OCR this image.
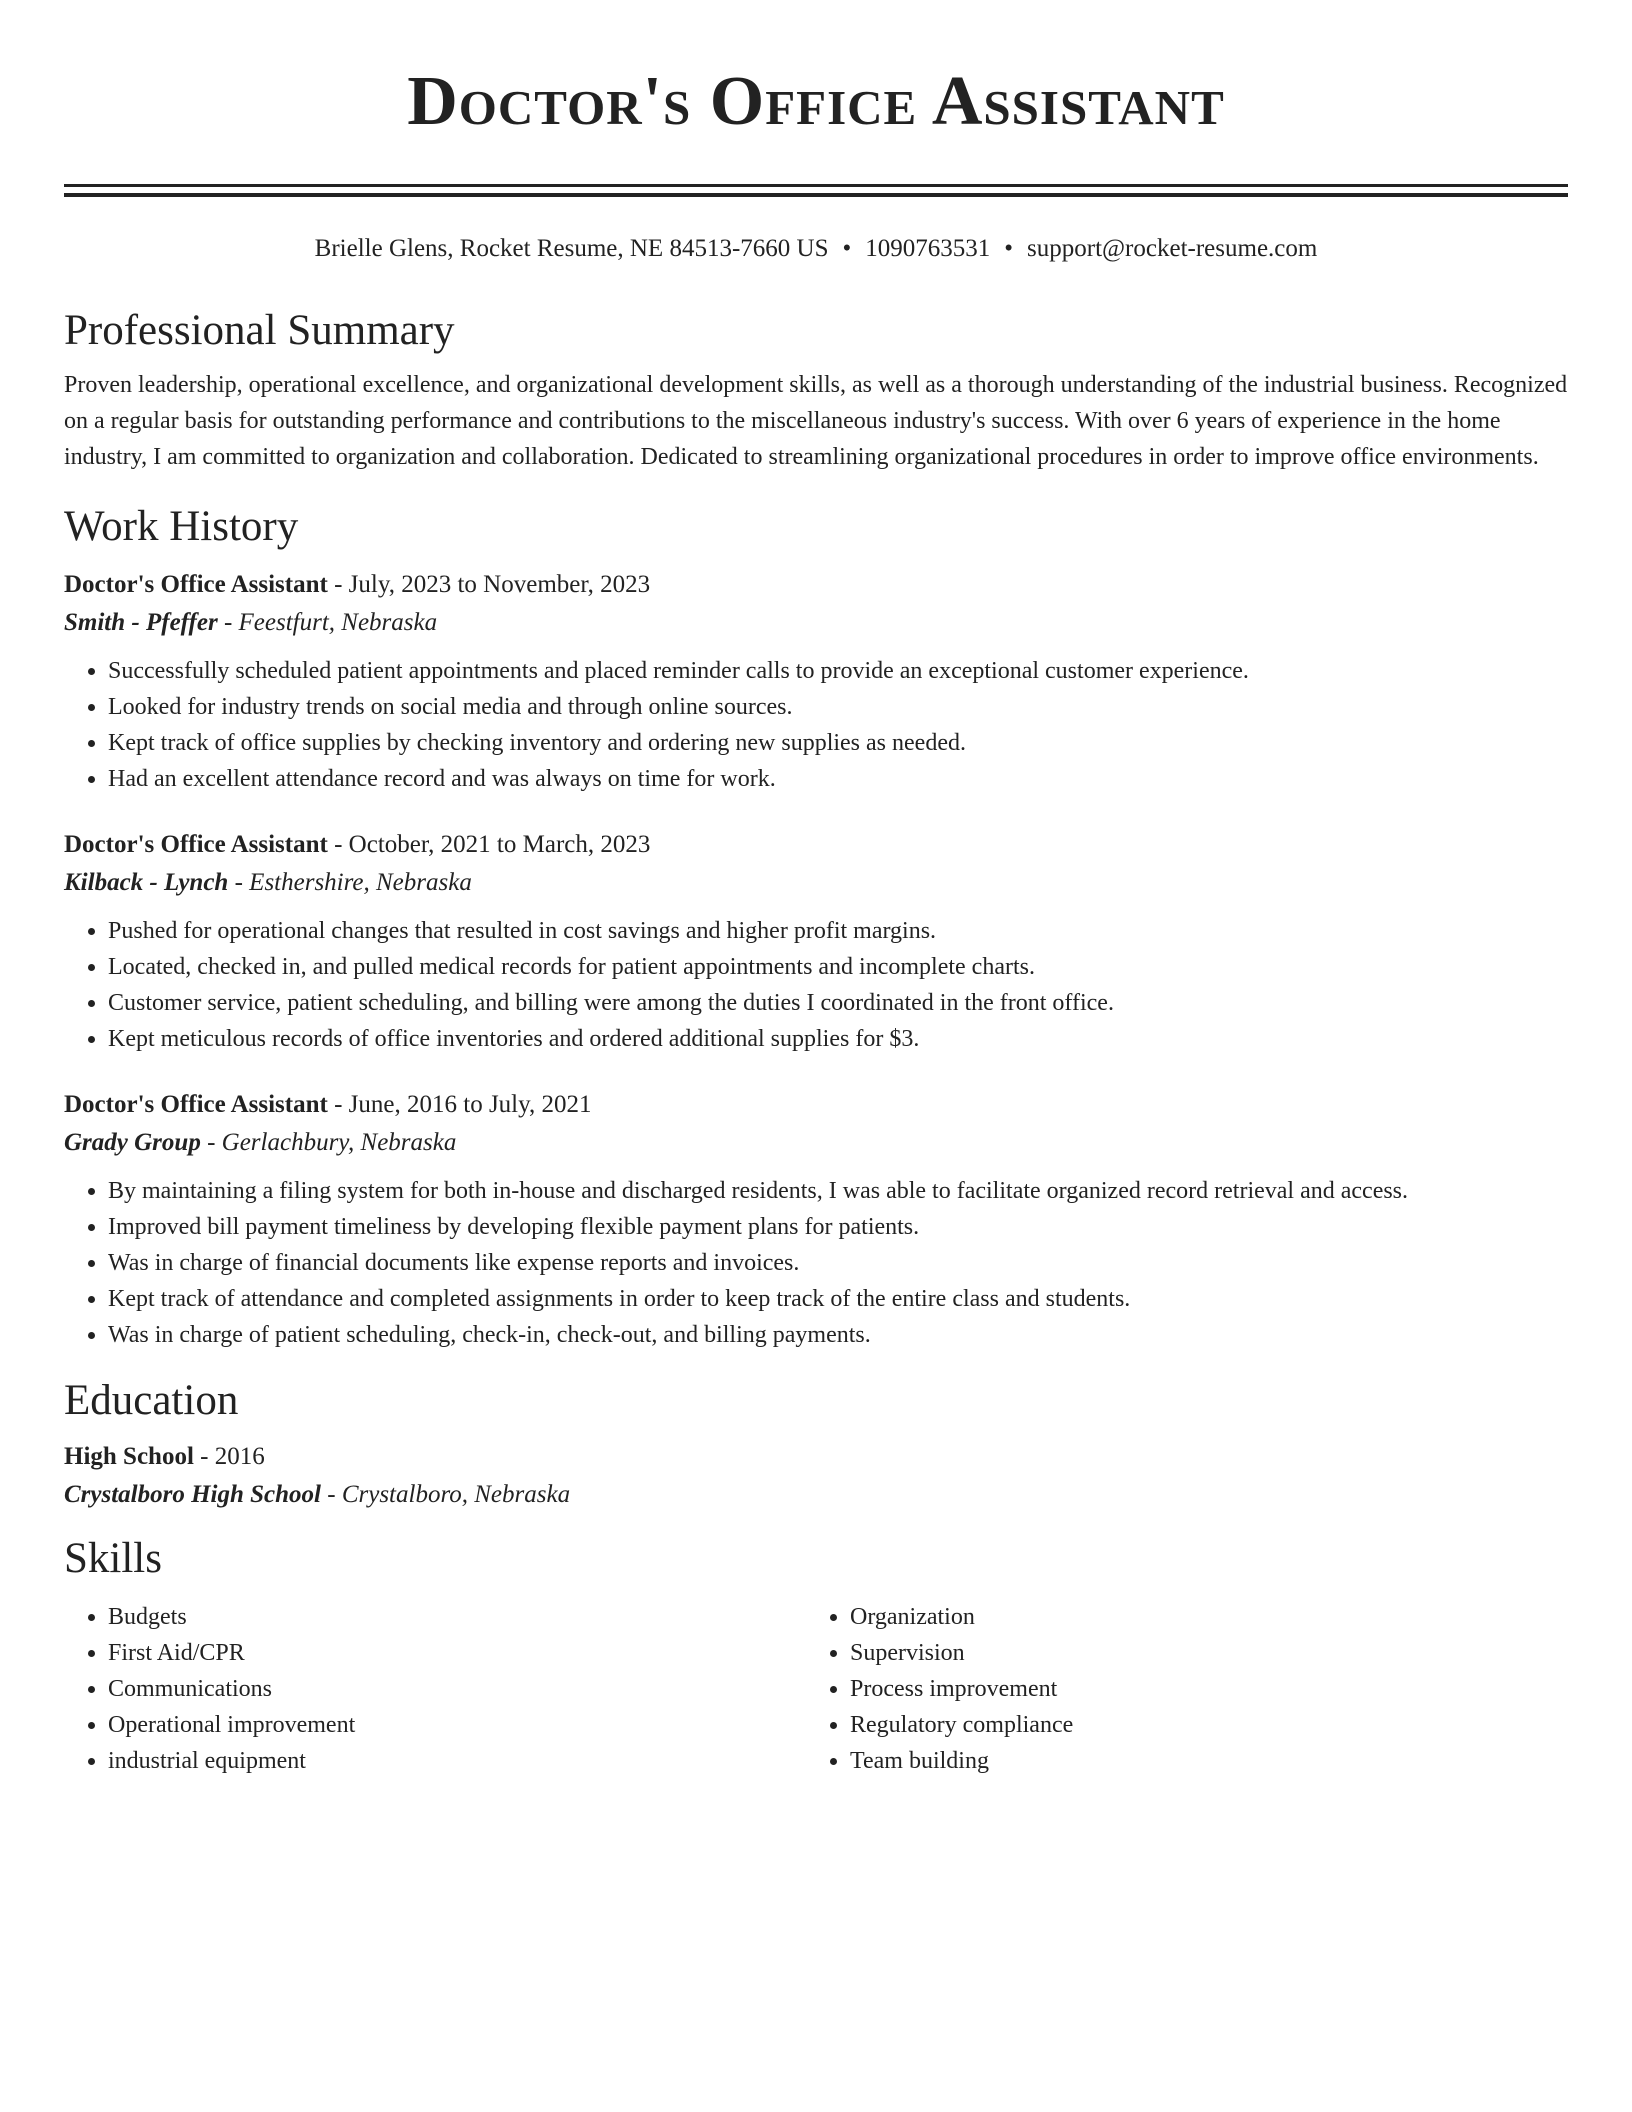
Doctor's Office Assistant
Brielle Glens, Rocket Resume, NE 84513-7660 US • 1090763531 • support@rocket-resume.com
Professional Summary
Proven leadership, operational excellence, and organizational development skills, as well as a thorough understanding of the industrial business. Recognized on a regular basis for outstanding performance and contributions to the miscellaneous industry's success. With over 6 years of experience in the home industry, I am committed to organization and collaboration. Dedicated to streamlining organizational procedures in order to improve office environments.
Work History
Doctor's Office Assistant - July, 2023 to November, 2023
Smith - Pfeffer - Feestfurt, Nebraska
• Successfully scheduled patient appointments and placed reminder calls to provide an exceptional customer experience.
• Looked for industry trends on social media and through online sources.
• Kept track of office supplies by checking inventory and ordering new supplies as needed.
• Had an excellent attendance record and was always on time for work.
Doctor's Office Assistant - October, 2021 to March, 2023
Kilback - Lynch - Esthershire, Nebraska
• Pushed for operational changes that resulted in cost savings and higher profit margins.
• Located, checked in, and pulled medical records for patient appointments and incomplete charts.
• Customer service, patient scheduling, and billing were among the duties I coordinated in the front office.
• Kept meticulous records of office inventories and ordered additional supplies for $3.
Doctor's Office Assistant - June, 2016 to July, 2021
Grady Group - Gerlachbury, Nebraska
• By maintaining a filing system for both in-house and discharged residents, I was able to facilitate organized record retrieval and access.
• Improved bill payment timeliness by developing flexible payment plans for patients.
• Was in charge of financial documents like expense reports and invoices.
• Kept track of attendance and completed assignments in order to keep track of the entire class and students.
• Was in charge of patient scheduling, check-in, check-out, and billing payments.
Education
High School - 2016
Crystalboro High School - Crystalboro, Nebraska
Skills
• Budgets
• First Aid/CPR
• Communications
• Operational improvement
• industrial equipment
• Organization
• Supervision
• Process improvement
• Regulatory compliance
• Team building
